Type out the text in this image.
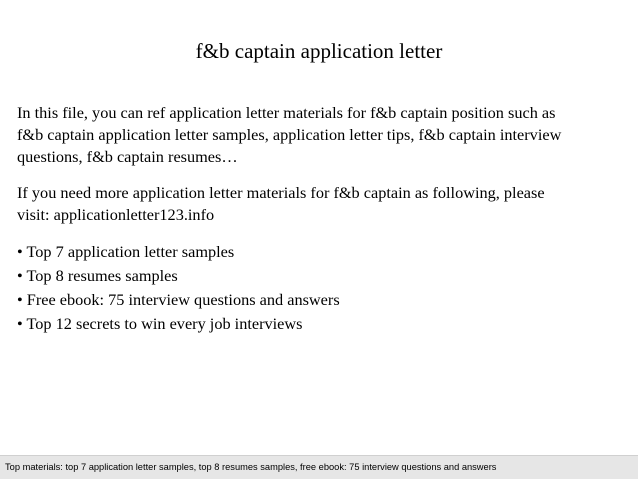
f&b captain application letter

In this file, you can ref application letter materials for f&b captain position such as
f&b captain application letter samples, application letter tips, f&b captain interview
questions, f&b captain resumes…

If you need more application letter materials for f&b captain as following, please
visit: applicationletter123.info

• Top 7 application letter samples
• Top 8 resumes samples
• Free ebook: 75 interview questions and answers
• Top 12 secrets to win every job interviews
Top materials: top 7 application letter samples, top 8 resumes samples, free ebook: 75 interview questions and answers
